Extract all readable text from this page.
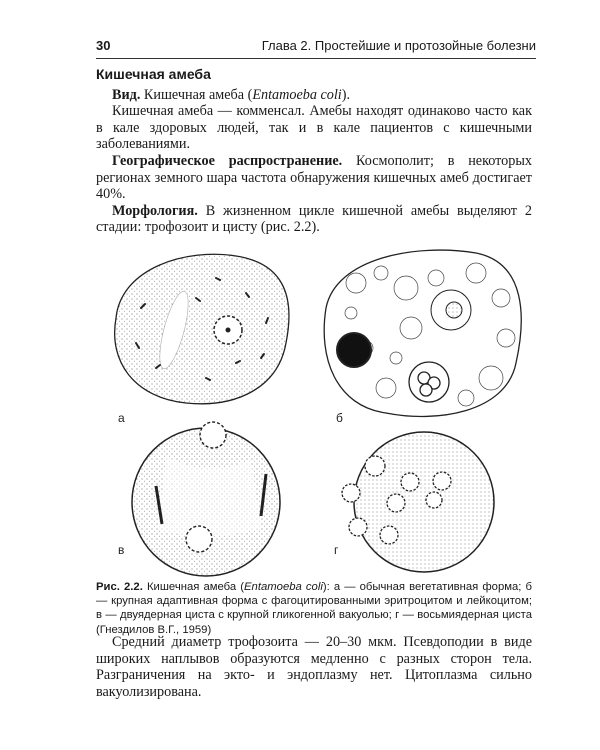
30	Глава 2. Простейшие и протозойные болезни
Кишечная амеба

Вид. Кишечная амеба (Entamoeba coli).

Кишечная амеба — комменсал. Амебы находят одинаково часто как в кале здоровых людей, так и в кале пациентов с кишечными заболеваниями.

Географическое распространение. Космополит; в некоторых регионах земного шара частота обнаружения кишечных амеб достигает 40%.

Морфология. В жизненном цикле кишечной амебы выделяют 2 стадии: трофозоит и цисту (рис. 2.2).

а	б
в	г
Рис. 2.2. Кишечная амеба (Entamoeba coli): а — обычная вегетативная форма; б — крупная адаптивная форма с фагоцитированными эритроцитом и лейкоцитом; в — двуядерная циста с крупной гликогенной вакуолью; г — восьмиядерная циста (Гнездилов В.Г., 1959)

Средний диаметр трофозоита — 20–30 мкм. Псевдоподии в виде широких наплывов образуются медленно с разных сторон тела. Разграничения на экто- и эндоплазму нет. Цитоплазма сильно вакуолизирована.
